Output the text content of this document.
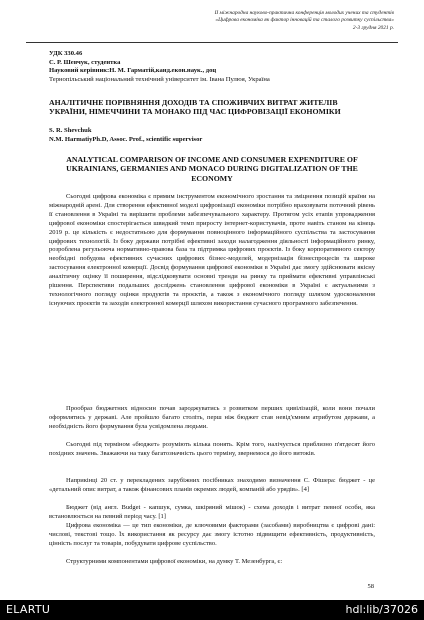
ІІ міжнародна науково-практична конференція молодих учених та студентів
«Цифрова економіка як фактор інновацій та сталого розвитку суспільства»
2-3 грудня 2021 р.
УДК 330.46
С. Р. Шевчук, студентка
Науковий керівник:Н. М. Гарматій,канд.екон.наук., доц
Тернопільський національний технічний університет ім. Івана Пулюя, Україна
АНАЛІТИЧНЕ ПОРІВНЯННЯ ДОХОДІВ ТА СПОЖИВЧИХ ВИТРАТ ЖИТЕЛІВ УКРАЇНИ, НІМЕЧЧИНИ ТА МОНАКО ПІД ЧАС ЦИФРОВІЗАЦІЇ ЕКОНОМІКИ
S. R. Shevchuk
N.M. HarmatiyPh.D, Assoc. Prof., scientific supervisor
ANALYTICAL COMPARISON OF INCOME AND CONSUMER EXPENDITURE OF UKRAINIANS, GERMANIES AND MONACO DURING DIGITALIZATION OF THE ECONOMY

Сьогодні цифрова економіка є прямим інструментом економічного зростання та зміцнення позицій країни на міжнародній арені. Для створення ефективної моделі цифровізації економіки потрібно враховувати поточний рівень її становлення в Україні та вирішити проблеми забезпечувального характеру. Протягом усіх етапів упровадження цифрової економіки спостерігається швидкий темп приросту інтернет-користувачів, проте навіть станом на кінець 2019 р. це кількість є недостатньою для формування повноцінного інформаційного суспільства та застосування цифрових технологій. Із боку держави потрібні ефективні заходи налагодження діяльності інформаційного ринку, розроблена регульоюча нормативно-правова база та підтримка цифрових проєктів. Із боку корпоративного сектору необхідні побудова ефективних сучасних цифрових бізнес-моделей, модернізація бізнеспроцесів та широке застосування електронної комерції. Досвід формування цифрової економіки в Україні дає змогу здійснювати якісну аналітичну оцінку її поширення, відслідковувати основні тренди на ринку та приймати ефективні управлінські рішення. Перспективи подальших досліджень становлення цифрової економіки в Україні є актуальними з технологічного погляду оцінки продуктів та проєктів, а також з економічного погляду шляхом удосконалення існуючих проєктів та заходів електронної комерції шляхом використання сучасного програмного забезпечення.

Прообраз бюджетних відносин почав зароджуватись з розвитком перших цивілізацій, коли вони почали оформлятись у державі. Але пройшло багато століть, перш ніж бюджет став невід'ємним атрибутом держави, а необхідність його формування була усвідомлена людьми.

Сьогодні під терміном «бюджет» розуміють кілька понять. Крім того, налічується приблизно п'ятдесят його похідних значень. Зважаючи на таку багатозначність цього терміну, звернемося до його витоків.

Наприкінці 20 ст. у перекладених зарубіжних посібниках знаходимо визначення С. Фішера: бюджет - це «детальний опис витрат, а також фінансових планів окремих людей, компаній або урядів». [4]

Бюджет (від англ. Budget - капшук, сумка, шкіряний мішок) - схема доходів і витрат певної особи, яка встановлюється на певний період часу. [1]

Цифрова економіка — це тип економіки, де ключовими факторами (засобами) виробництва є цифрові дані: числові, текстові тощо. Їх використання як ресурсу дає змогу істотно підвищити ефективність, продуктивність, цінність послуг та товарів, побудувати цифрове суспільство.

Структурними компонентами цифрової економіки, на думку Т. Мезенбурга, є:

58
ELARTU	hdl:lib/37026
